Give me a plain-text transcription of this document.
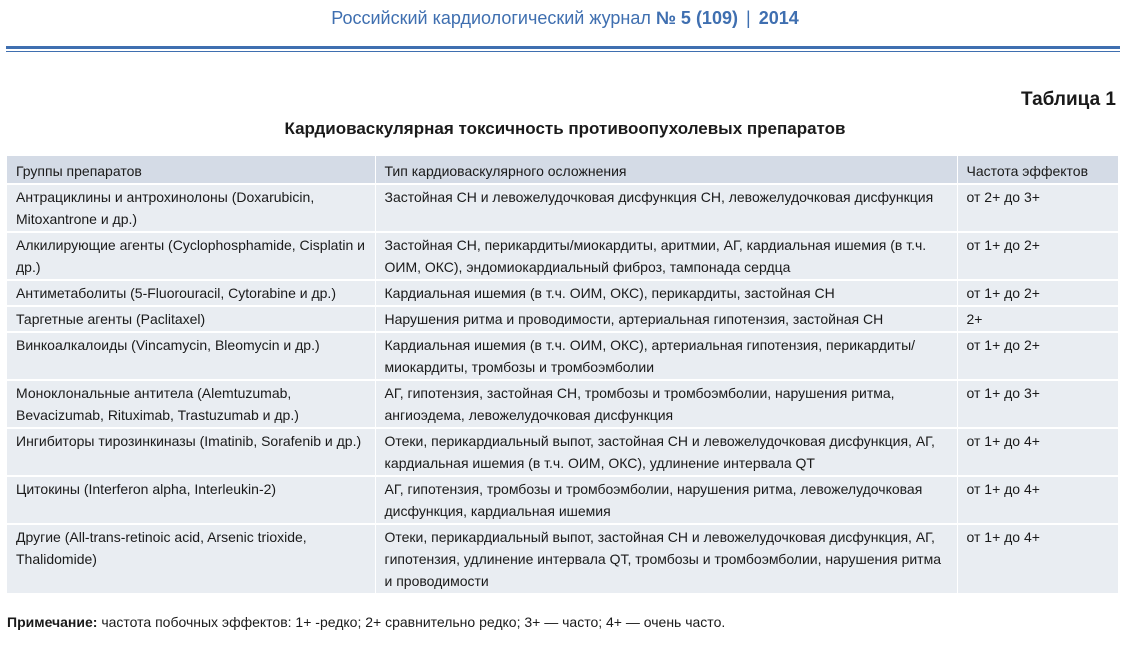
Российский кардиологический журнал № 5 (109) | 2014
Таблица 1
Кардиоваскулярная токсичность противоопухолевых препаратов
Группы препаратов	Тип кардиоваскулярного осложнения	Частота эффектов
Антрациклины и антрохинолоны (Doxarubicin, Mitoxantrone и др.)	Застойная СН и левожелудочковая дисфункция СН, левожелудочковая дисфункция	от 2+ до 3+
Алкилирующие агенты (Cyclophosphamide, Cisplatin и др.)	Застойная СН, перикардиты/миокардиты, аритмии, АГ, кардиальная ишемия (в т.ч. ОИМ, ОКС), эндомиокардиальный фиброз, тампонада сердца	от 1+ до 2+
Антиметаболиты (5-Fluorouracil, Cytorabine и др.)	Кардиальная ишемия (в т.ч. ОИМ, ОКС), перикардиты, застойная СН	от 1+ до 2+
Таргетные агенты (Paclitaxel)	Нарушения ритма и проводимости, артериальная гипотензия, застойная СН	2+
Винкоалкалоиды (Vincamycin, Bleomycin и др.)	Кардиальная ишемия (в т.ч. ОИМ, ОКС), артериальная гипотензия, перикардиты/ миокардиты, тромбозы и тромбоэмболии	от 1+ до 2+
Моноклональные антитела (Alemtuzumab, Bevacizumab, Rituximab, Trastuzumab и др.)	АГ, гипотензия, застойная СН, тромбозы и тромбоэмболии, нарушения ритма, ангиоэдема, левожелудочковая дисфункция	от 1+ до 3+
Ингибиторы тирозинкиназы (Imatinib, Sorafenib и др.)	Отеки, перикардиальный выпот, застойная СН и левожелудочковая дисфункция, АГ, кардиальная ишемия (в т.ч. ОИМ, ОКС), удлинение интервала QT	от 1+ до 4+
Цитокины (Interferon alpha, Interleukin-2)	АГ, гипотензия, тромбозы и тромбоэмболии, нарушения ритма, левожелудочковая дисфункция, кардиальная ишемия	от 1+ до 4+
Другие (All-trans-retinoic acid, Arsenic trioxide, Thalidomide)	Отеки, перикардиальный выпот, застойная СН и левожелудочковая дисфункция, АГ, гипотензия, удлинение интервала QT, тромбозы и тромбоэмболии, нарушения ритма и проводимости	от 1+ до 4+
Примечание: частота побочных эффектов: 1+ -редко; 2+ сравнительно редко; 3+ — часто; 4+ — очень часто.
